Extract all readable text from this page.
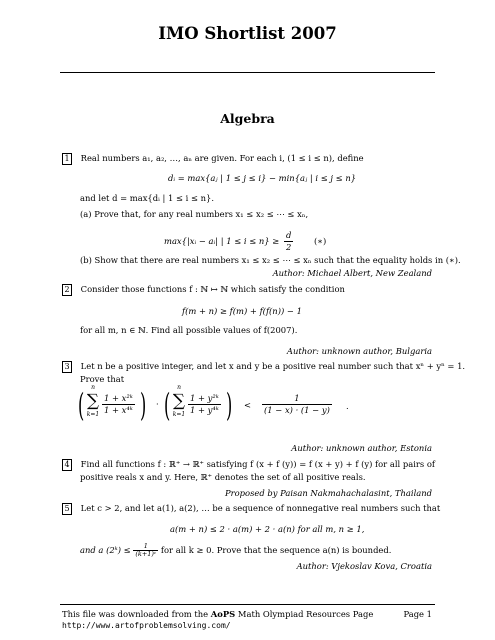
IMO Shortlist 2007
Algebra
1 Real numbers a₁, a₂, …, aₙ are given. For each i, (1 ≤ i ≤ n), define
dᵢ = max{aⱼ | 1 ≤ j ≤ i} − min{aⱼ | i ≤ j ≤ n}
and let d = max{dᵢ | 1 ≤ i ≤ n}.
(a) Prove that, for any real numbers x₁ ≤ x₂ ≤ ⋯ ≤ xₙ,
max{|xᵢ − aᵢ| | $1 \le i \le n\} \ge \frac{d}{2}$ (∗)
(b) Show that there are real numbers x₁ ≤ x₂ ≤ ⋯ ≤ xₙ such that the equality holds in (∗).
Author: Michael Albert, New Zealand
2 Consider those functions f : ℕ ↦ ℕ which satisfy the condition
f(m + n) ≥ f(m) + f(f(n)) − 1
for all m, n ∈ ℕ. Find all possible values of f(2007).
Author: unknown author, Bulgaria
3 Let n be a positive integer, and let x and y be a positive real number such that xⁿ + yⁿ = 1.
Prove that
(	n
∑
$k=1 \frac{\text{1 + x²ᵏ}}{\text{1 + x⁴ᵏ}}$ ) · (	n
∑
$k=1 \frac{\text{1 + y²ᵏ}}{\text{1 + y⁴ᵏ}}$ ) < $\frac{1}{(1 - x) \cdot (1 - y)}$ .
Author: unknown author, Estonia
4 Find all functions f : ℝ⁺ → ℝ⁺ satisfying f (x + f (y)) = f (x + y) + f (y) for all pairs of
positive reals x and y. Here, ℝ⁺ denotes the set of all positive reals.
Proposed by Paisan Nakmahachalasint, Thailand
5 Let c > 2, and let a(1), a(2), … be a sequence of nonnegative real numbers such that
a(m + n) ≤ 2 · a(m) + 2 · a(n) for all m, n ≥ 1,
and a (2ᵏ) ≤ $\frac{1}{\text{(k+1)ᶜ}}$ for all k ≥ 0. Prove that the sequence a(n) is bounded.
Author: Vjekoslav Kova, Croatia
This file was downloaded from the AoPS Math Olympiad Resources Page	Page 1
http://www.artofproblemsolving.com/
